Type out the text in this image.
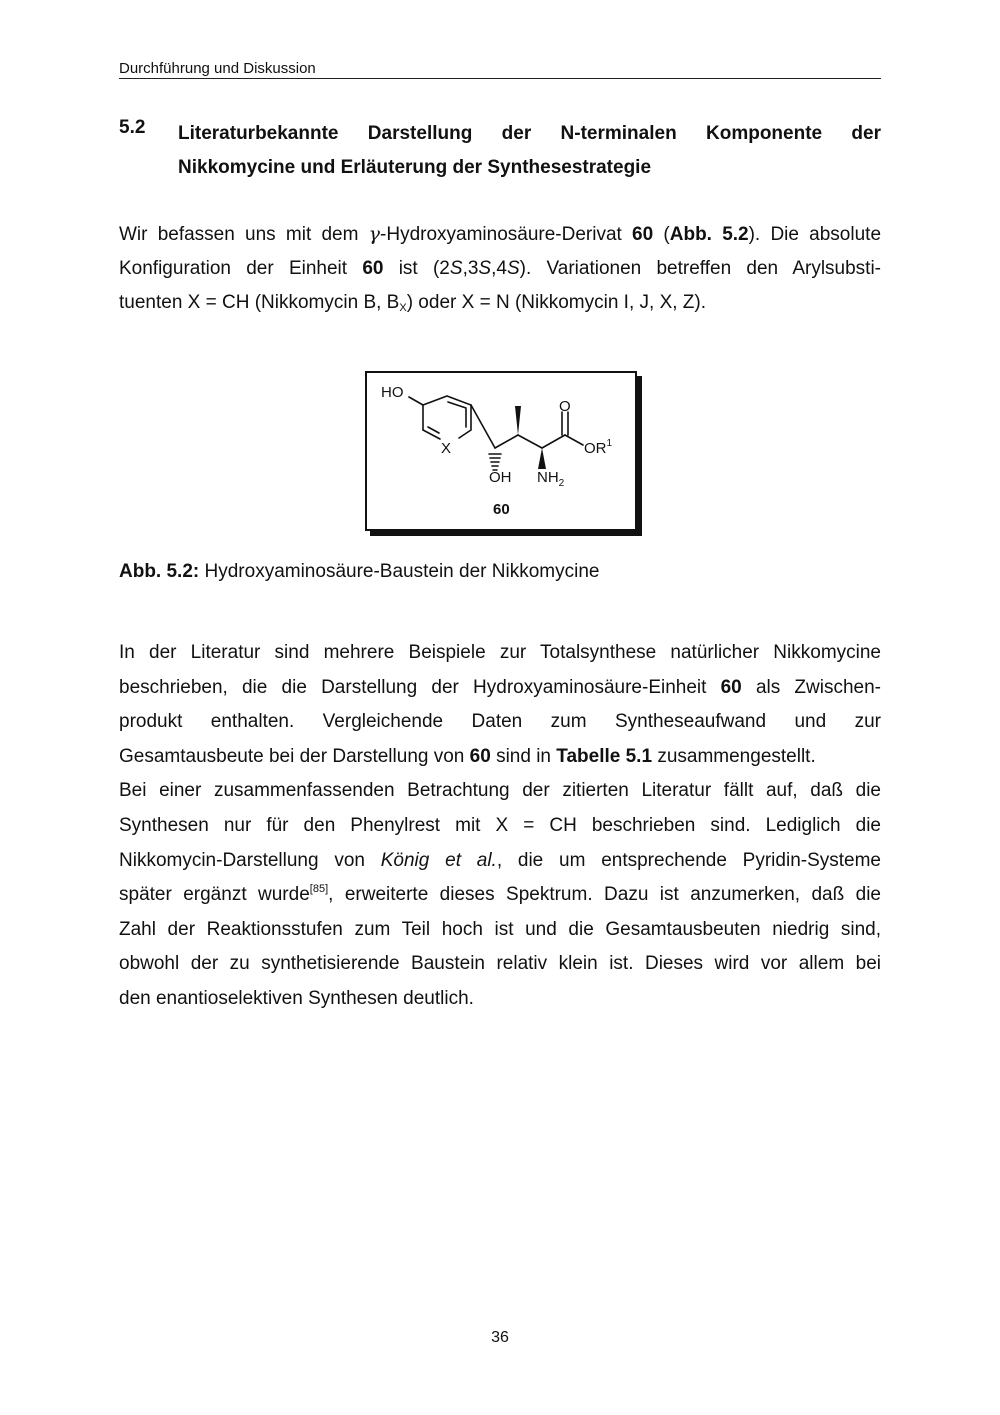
Durchführung und Diskussion
5.2 Literaturbekannte Darstellung der N-terminalen Komponente der Nikkomycine und Erläuterung der Synthesestrategie
Wir befassen uns mit dem γ-Hydroxyaminosäure-Derivat 60 (Abb. 5.2). Die absolute
Konfiguration der Einheit 60 ist (2S,3S,4S). Variationen betreffen den Arylsubsti-
tuenten X = CH (Nikkomycin B, $B_X$) oder X = N (Nikkomycin I, J, X, Z).
HO
X
O
$OR^1$
OH $NH_2$
60
Abb. 5.2: Hydroxyaminosäure-Baustein der Nikkomycine
In der Literatur sind mehrere Beispiele zur Totalsynthese natürlicher Nikkomycine
beschrieben, die die Darstellung der Hydroxyaminosäure-Einheit 60 als Zwischen-
produkt enthalten. Vergleichende Daten zum Syntheseaufwand und zur
Gesamtausbeute bei der Darstellung von 60 sind in Tabelle 5.1 zusammengestellt.
Bei einer zusammenfassenden Betrachtung der zitierten Literatur fällt auf, daß die
Synthesen nur für den Phenylrest mit X = CH beschrieben sind. Lediglich die
Nikkomycin-Darstellung von König et al., die um entsprechende Pyridin-Systeme
später ergänzt wurde[85], erweiterte dieses Spektrum. Dazu ist anzumerken, daß die
Zahl der Reaktionsstufen zum Teil hoch ist und die Gesamtausbeuten niedrig sind,
obwohl der zu synthetisierende Baustein relativ klein ist. Dieses wird vor allem bei
den enantioselektiven Synthesen deutlich.
36
